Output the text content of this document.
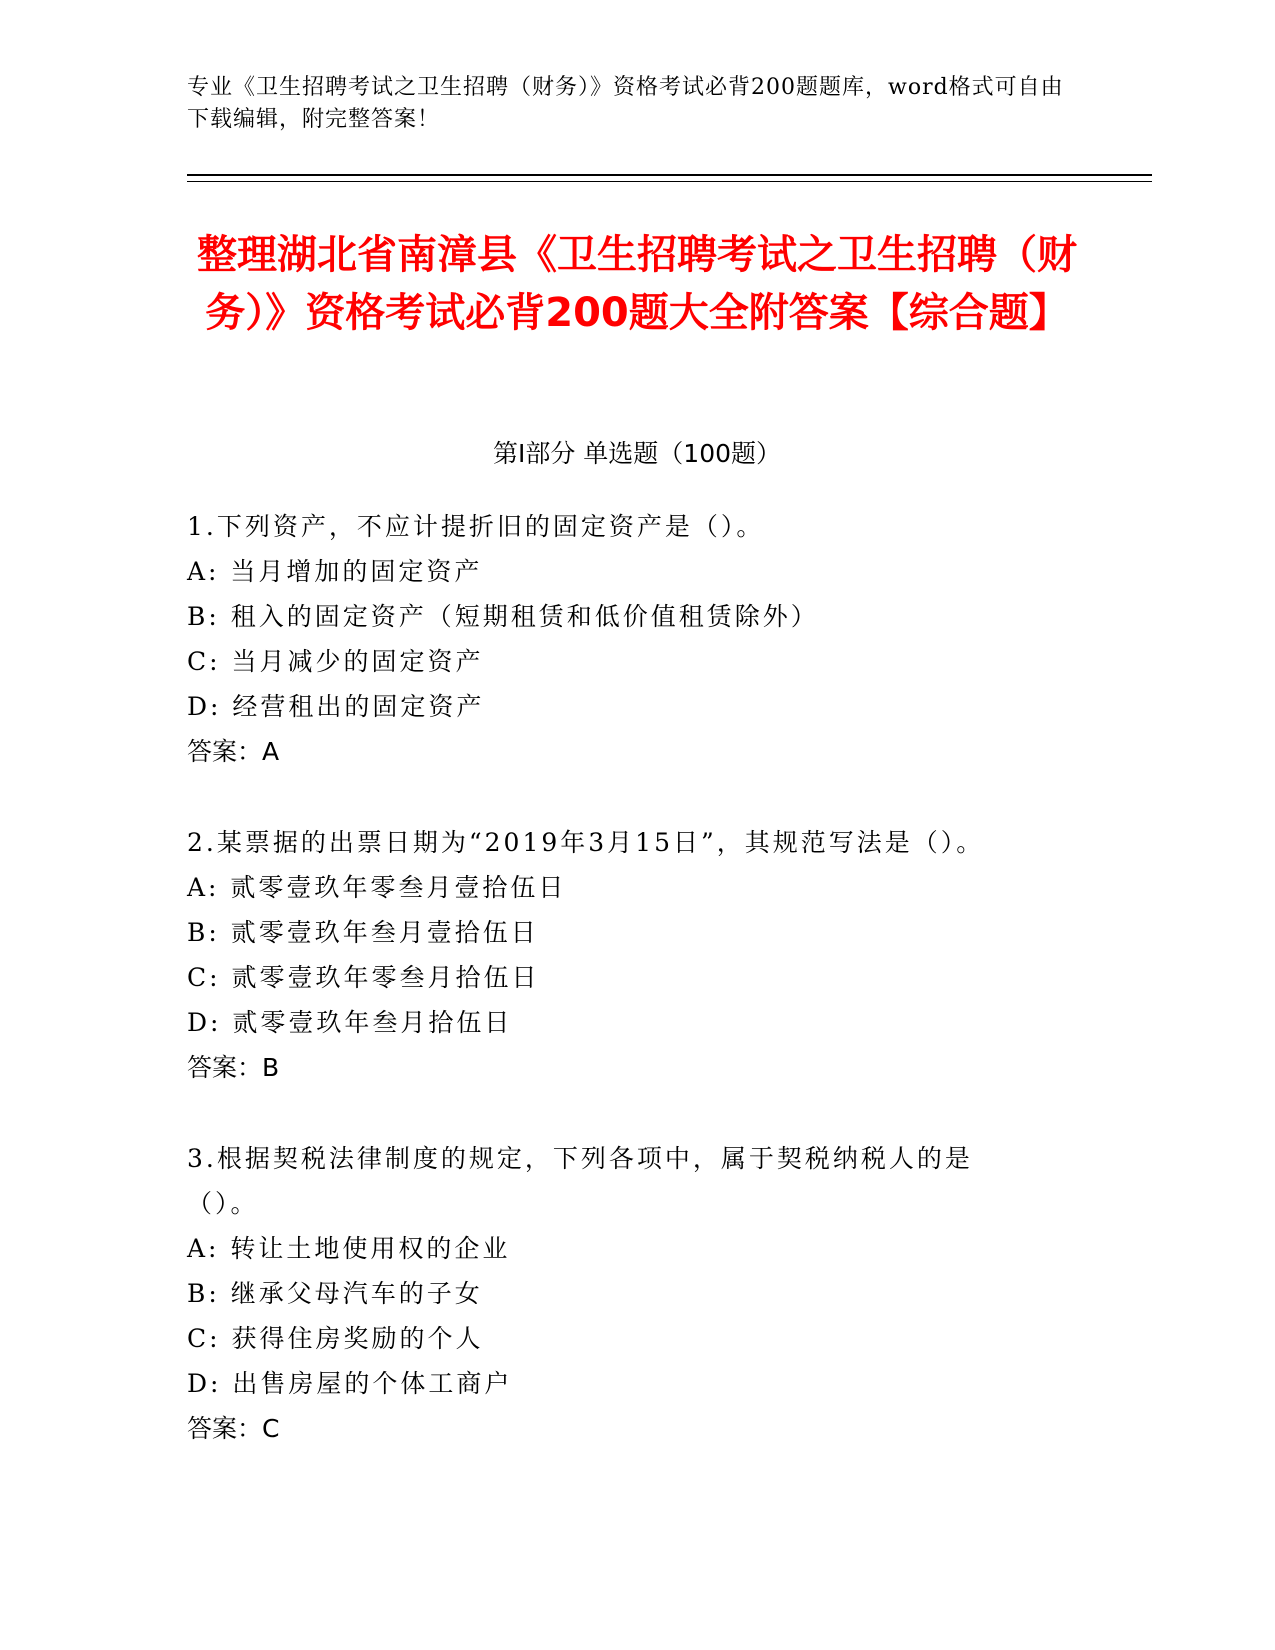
专业《卫生招聘考试之卫生招聘（财务）》资格考试必背200题题库，word格式可自由下载编辑，附完整答案！
整理湖北省南漳县《卫生招聘考试之卫生招聘（财务）》资格考试必背200题大全附答案【综合题】
第I部分 单选题（100题）

1.下列资产，不应计提折旧的固定资产是（）。

A: 当月增加的固定资产

B: 租入的固定资产（短期租赁和低价值租赁除外）

C: 当月减少的固定资产

D: 经营租出的固定资产

答案：A

2.某票据的出票日期为“2019年3月15日”，其规范写法是（）。

A: 贰零壹玖年零叁月壹拾伍日

B: 贰零壹玖年叁月壹拾伍日

C: 贰零壹玖年零叁月拾伍日

D: 贰零壹玖年叁月拾伍日

答案：B

3.根据契税法律制度的规定，下列各项中，属于契税纳税人的是（）。

A: 转让土地使用权的企业

B: 继承父母汽车的子女

C: 获得住房奖励的个人

D: 出售房屋的个体工商户

答案：C
